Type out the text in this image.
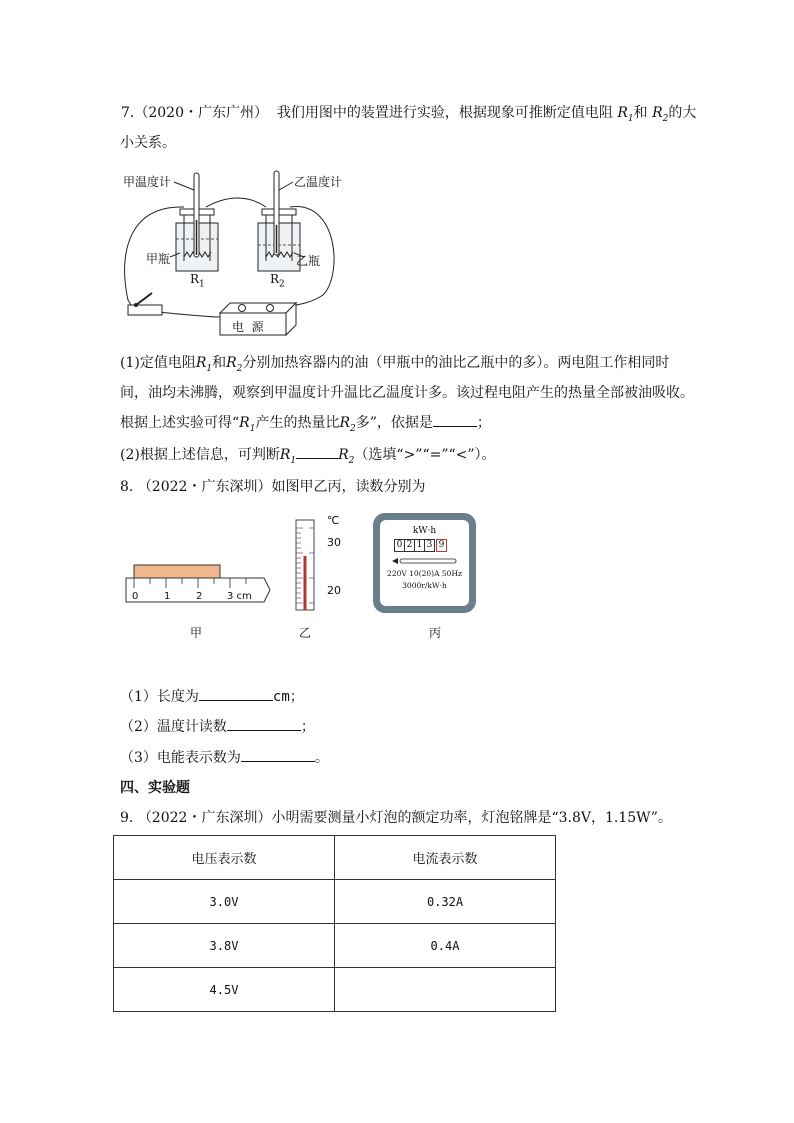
7.（2020・广东广州） 我们用图中的装置进行实验，根据现象可推断定值电阻 $R_1$和 $R_2$的大
小关系。
甲温度计	乙温度计
甲瓶	乙瓶
$R_1$	$R_2$
电  源
(1)定值电阻$R_1$和$R_2$分别加热容器内的油（甲瓶中的油比乙瓶中的多）。两电阻工作相同时
间，油均未沸腾，观察到甲温度计升温比乙温度计多。该过程电阻产生的热量全部被油吸收。
根据上述实验可得“$R_1$产生的热量比$R_2$多”，依据是	；
(2)根据上述信息，可判断$R_1$	$R_2$（选填“>”“=”“<”）。
8. （2022・广东深圳）如图甲乙丙，读数分别为
0	1	2 3 cm
甲
℃
30
20
乙
kW·h
0 2 1 3 9
220V 10(20)A 50Hz
3000r/kW·h
丙
（1）长度为	cm；
（2）温度计读数	；
（3）电能表示数为	。
四、实验题
9. （2022・广东深圳）小明需要测量小灯泡的额定功率，灯泡铭牌是“3.8V，1.15W”。
电压表示数	电流表示数
3.0V	0.32A
3.8V	0.4A
4.5V	
